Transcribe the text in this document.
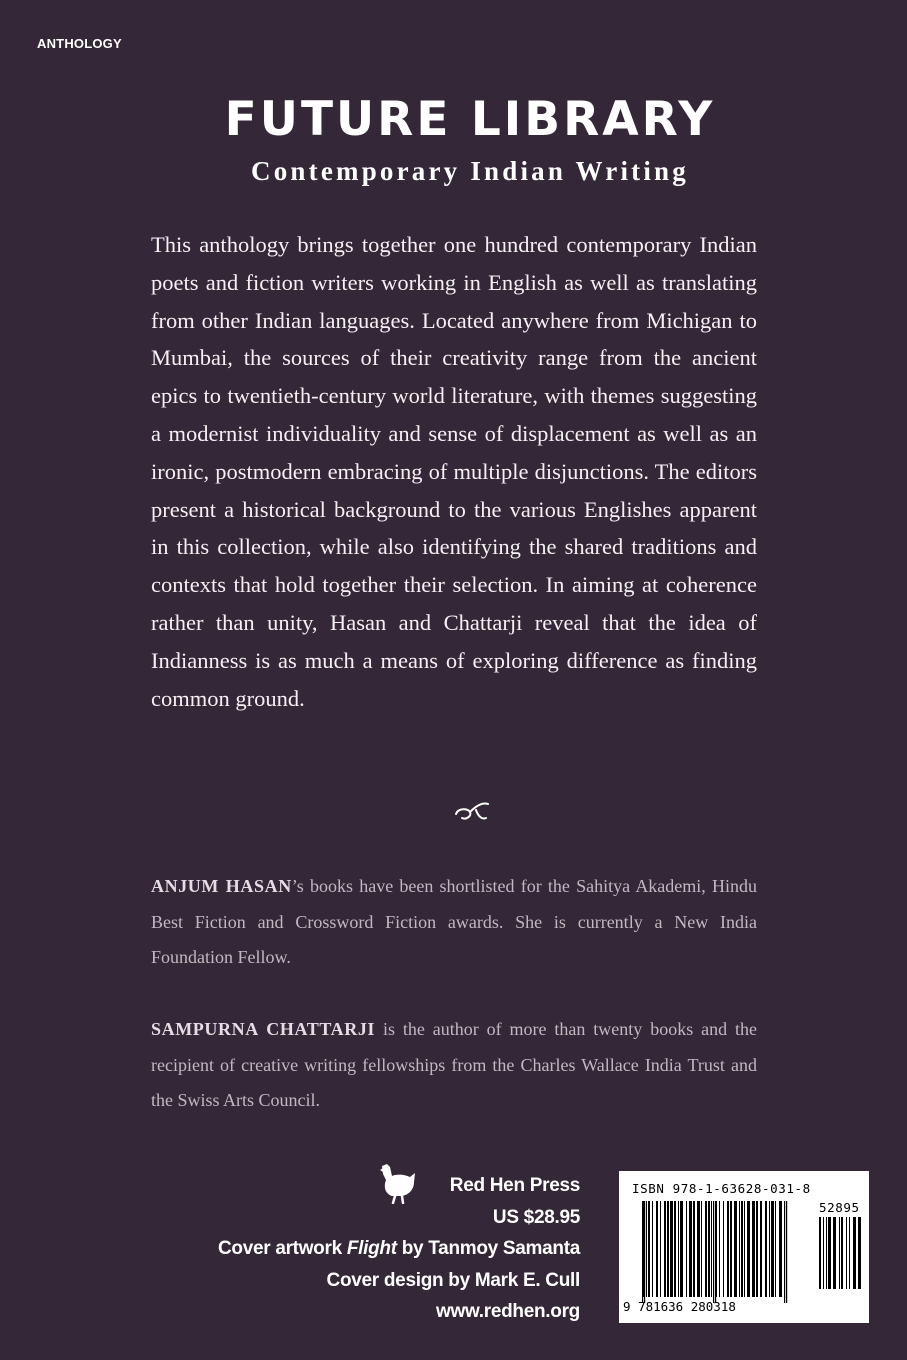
ANTHOLOGY
FUTURE LIBRARY
Contemporary Indian Writing

This anthology brings together one hundred contemporary Indian poets and fiction writers working in English as well as translating from other Indian languages. Located anywhere from Michigan to Mumbai, the sources of their creativity range from the ancient epics to twentieth-century world literature, with themes suggesting a modernist individuality and sense of displacement as well as an ironic, postmodern embracing of multiple disjunctions. The editors present a historical background to the various Englishes apparent in this collection, while also identifying the shared traditions and contexts that hold together their selection. In aiming at coherence rather than unity, Hasan and Chattarji reveal that the idea of Indianness is as much a means of exploring difference as finding common ground.

ANJUM HASAN’s books have been shortlisted for the Sahitya Akademi, Hindu Best Fiction and Crossword Fiction awards. She is currently a New India Foundation Fellow.

SAMPURNA CHATTARJI is the author of more than twenty books and the recipient of creative writing fellowships from the Charles Wallace India Trust and the Swiss Arts Council.

Red Hen Press
US $28.95
Cover artwork Flight by Tanmoy Samanta
Cover design by Mark E. Cull
www.redhen.org
ISBN 978-1-63628-031-8
52895
9 781636 280318
